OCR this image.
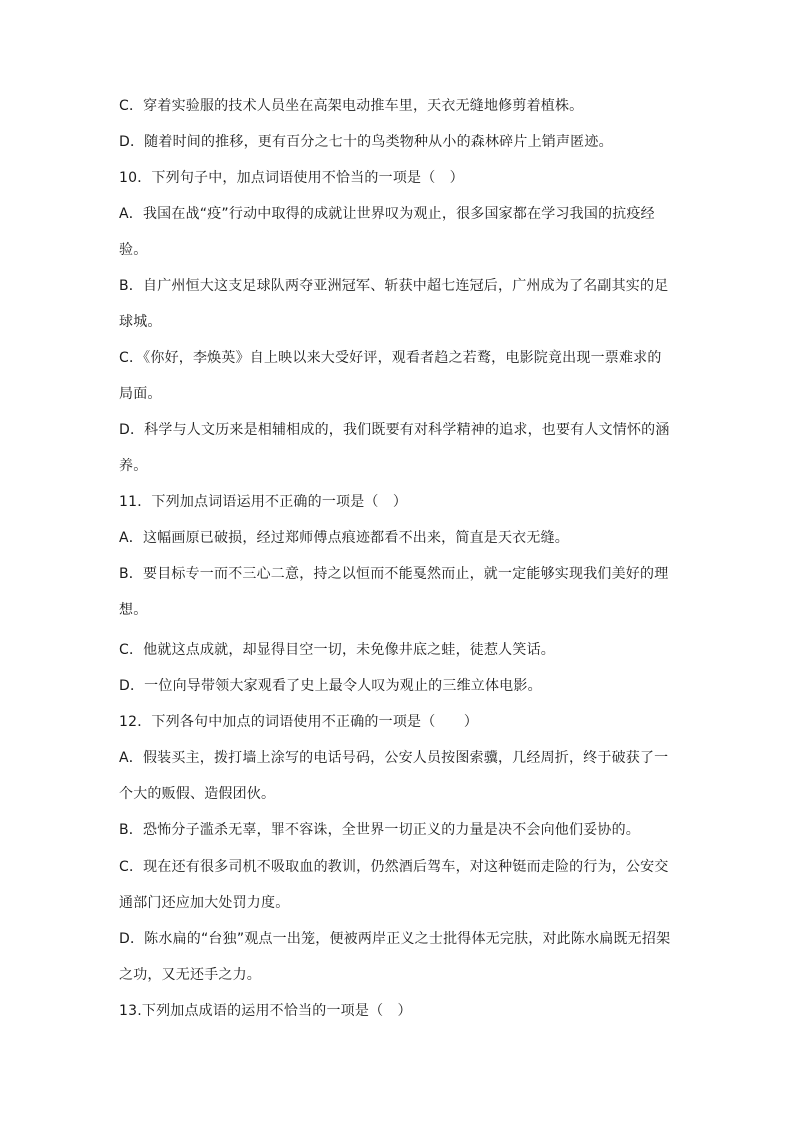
C．穿着实验服的技术人员坐在高架电动推车里，天衣无缝地修剪着植株。
D．随着时间的推移，更有百分之七十的鸟类物种从小的森林碎片上销声匿迹。
10．下列句子中，加点词语使用不恰当的一项是（　）
A．我国在战“疫”行动中取得的成就让世界叹为观止，很多国家都在学习我国的抗疫经
验。
B．自广州恒大这支足球队两夺亚洲冠军、斩获中超七连冠后，广州成为了名副其实的足
球城。
C．《你好，李焕英》自上映以来大受好评，观看者趋之若鹜，电影院竟出现一票难求的
局面。
D．科学与人文历来是相辅相成的，我们既要有对科学精神的追求，也要有人文情怀的涵
养。
11．下列加点词语运用不正确的一项是（　）
A．这幅画原已破损，经过郑师傅点痕迹都看不出来，简直是天衣无缝。
B．要目标专一而不三心二意，持之以恒而不能戛然而止，就一定能够实现我们美好的理
想。
C．他就这点成就，却显得目空一切，未免像井底之蛙，徒惹人笑话。
D．一位向导带领大家观看了史上最令人叹为观止的三维立体电影。
12．下列各句中加点的词语使用不正确的一项是（　　）
A．假装买主，拨打墙上涂写的电话号码，公安人员按图索骥，几经周折，终于破获了一
个大的贩假、造假团伙。
B．恐怖分子滥杀无辜，罪不容诛，全世界一切正义的力量是决不会向他们妥协的。
C．现在还有很多司机不吸取血的教训，仍然酒后驾车，对这种铤而走险的行为，公安交
通部门还应加大处罚力度。
D．陈水扁的“台独”观点一出笼，便被两岸正义之士批得体无完肤，对此陈水扁既无招架
之功，又无还手之力。
13.下列加点成语的运用不恰当的一项是（　）
